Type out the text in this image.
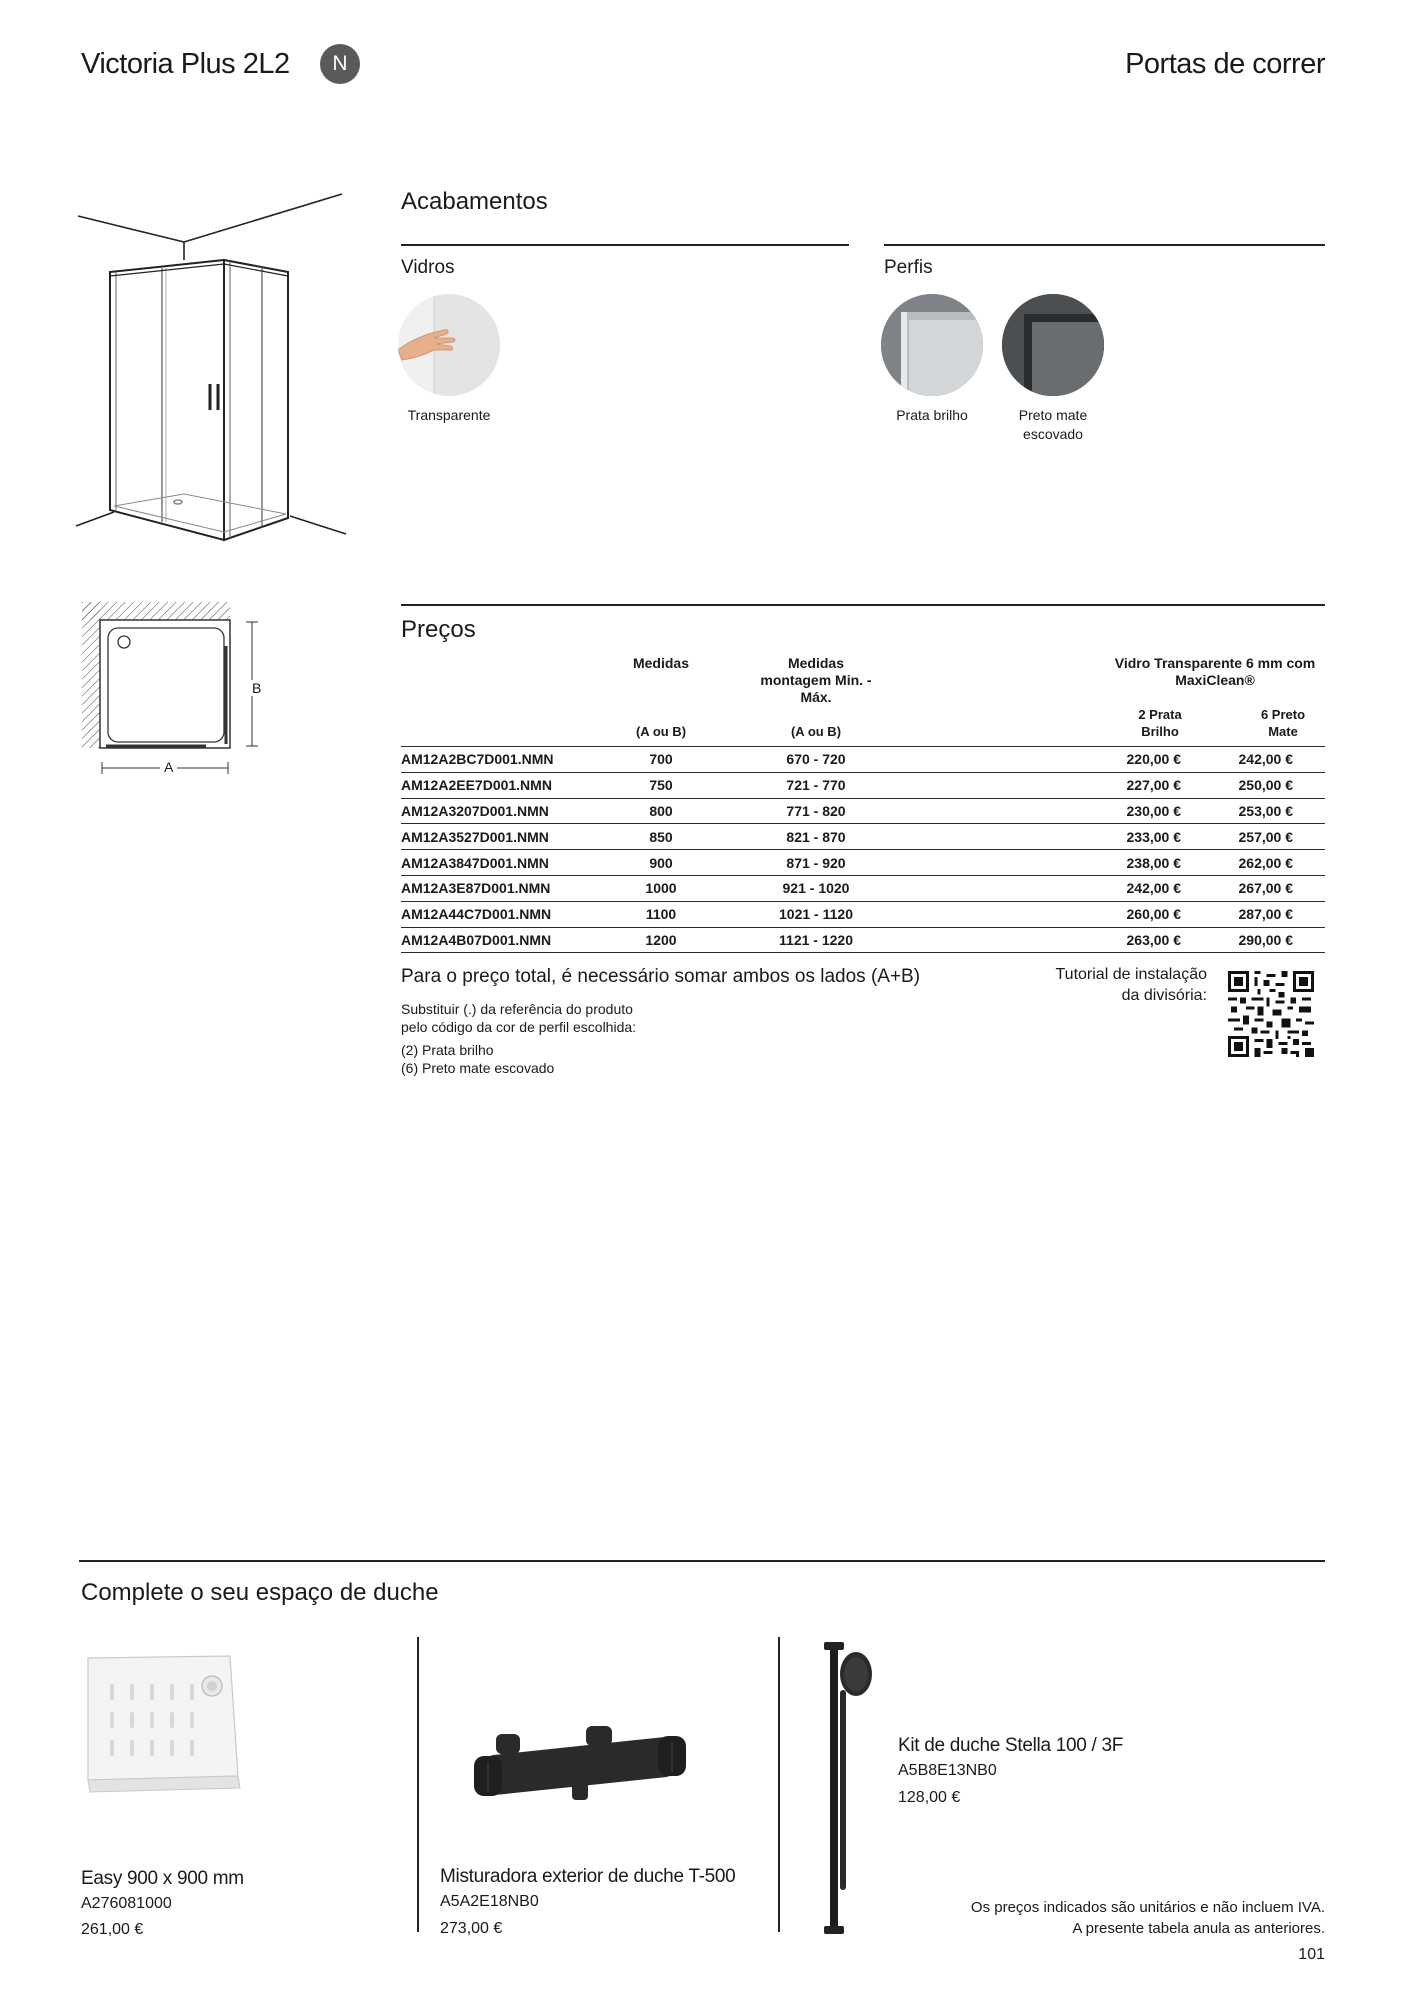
Victoria Plus 2L2	N	Portas de correr
B
A
Acabamentos
Vidros	Perfis
Transparente	Prata brilho	Preto mate escovado
Preços
	Medidas	Medidas montagem Min. - Máx.		Vidro Transparente 6 mm com MaxiClean®	
	(A ou B)	(A ou B)		2 Prata Brilho	6 Preto Mate
AM12A2BC7D001.NMN	700	670 - 720		220,00 €	242,00 €
AM12A2EE7D001.NMN	750	721 - 770		227,00 €	250,00 €
AM12A3207D001.NMN	800	771 - 820		230,00 €	253,00 €
AM12A3527D001.NMN	850	821 - 870		233,00 €	257,00 €
AM12A3847D001.NMN	900	871 - 920		238,00 €	262,00 €
AM12A3E87D001.NMN	1000	921 - 1020		242,00 €	267,00 €
AM12A44C7D001.NMN	1100	1021 - 1120		260,00 €	287,00 €
AM12A4B07D001.NMN	1200	1121 - 1220		263,00 €	290,00 €
Para o preço total, é necessário somar ambos os lados (A+B)
Substituir (.) da referência do produto
pelo código da cor de perfil escolhida:
(2) Prata brilho
(6) Preto mate escovado
Tutorial de instalação
da divisória:
Complete o seu espaço de duche
Easy 900 x 900 mm
A276081000
261,00 €
Misturadora exterior de duche T-500
A5A2E18NB0
273,00 €
Kit de duche Stella 100 / 3F
A5B8E13NB0
128,00 €
Os preços indicados são unitários e não incluem IVA.
A presente tabela anula as anteriores.
101
